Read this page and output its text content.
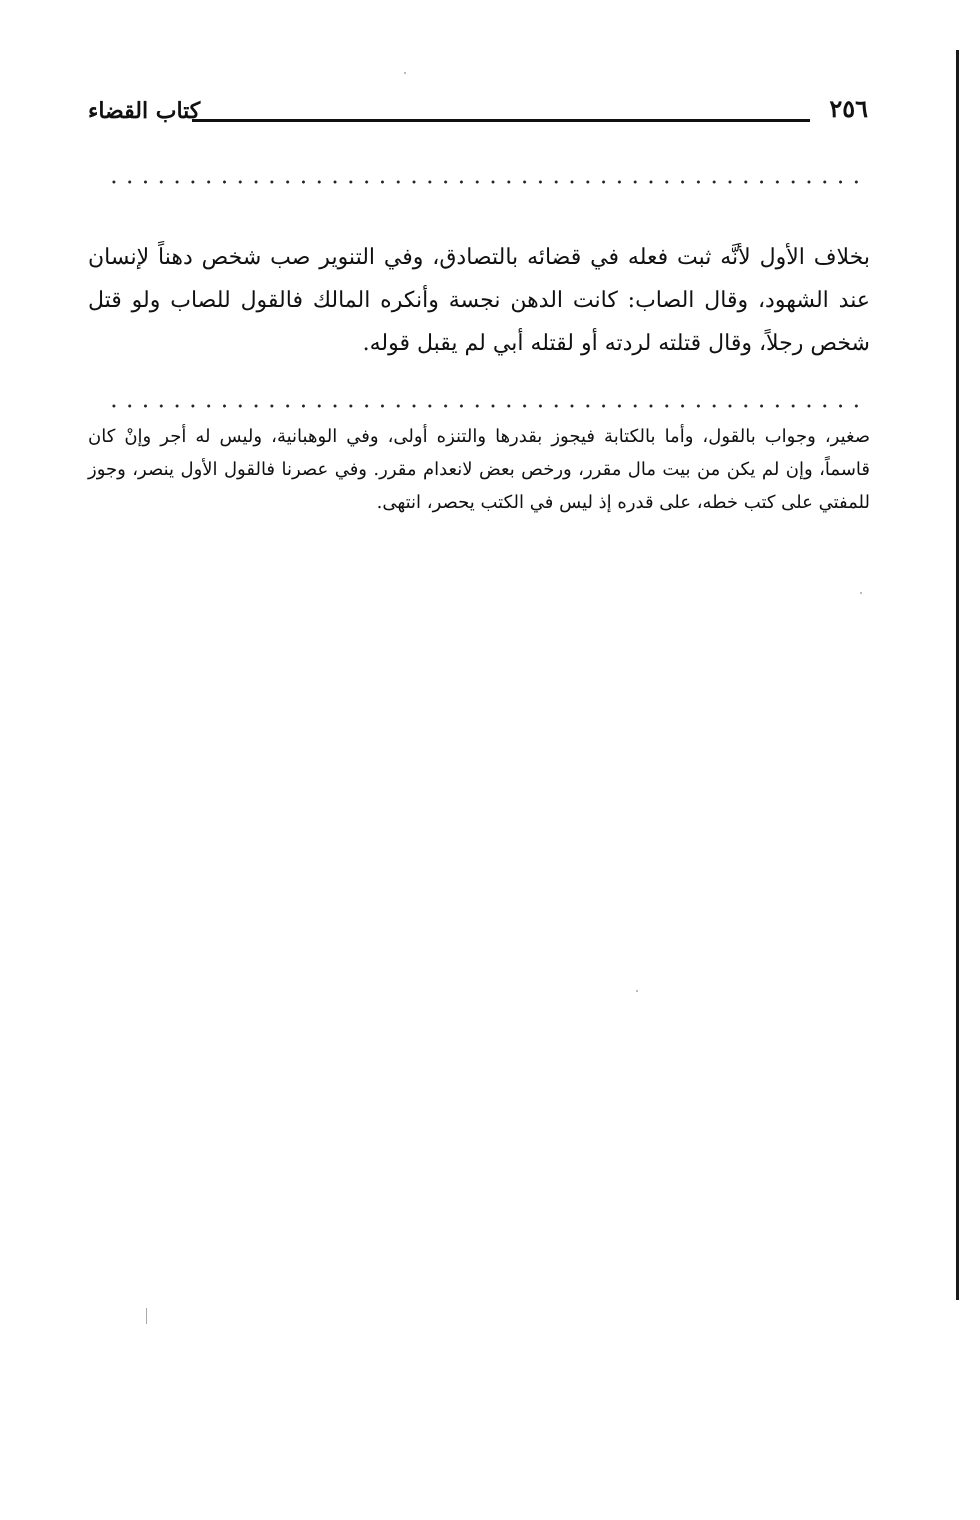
٢٥٦
كتاب القضاء
بخلاف الأول لأنَّه ثبت فعله في قضائه بالتصادق، وفي التنوير صب شخص دهناً لإنسان عند الشهود، وقال الصاب: كانت الدهن نجسة وأنكره المالك فالقول للصاب ولو قتل شخص رجلاً، وقال قتلته لردته أو لقتله أبي لم يقبل قوله.
صغير، وجواب بالقول، وأما بالكتابة فيجوز بقدرها والتنزه أولى، وفي الوهبانية، وليس له أجر وإنْ كان قاسماً، وإن لم يكن من بيت مال مقرر، ورخص بعض لانعدام مقرر. وفي عصرنا فالقول الأول ينصر، وجوز للمفتي على كتب خطه، على قدره إذ ليس في الكتب يحصر، انتهى.
